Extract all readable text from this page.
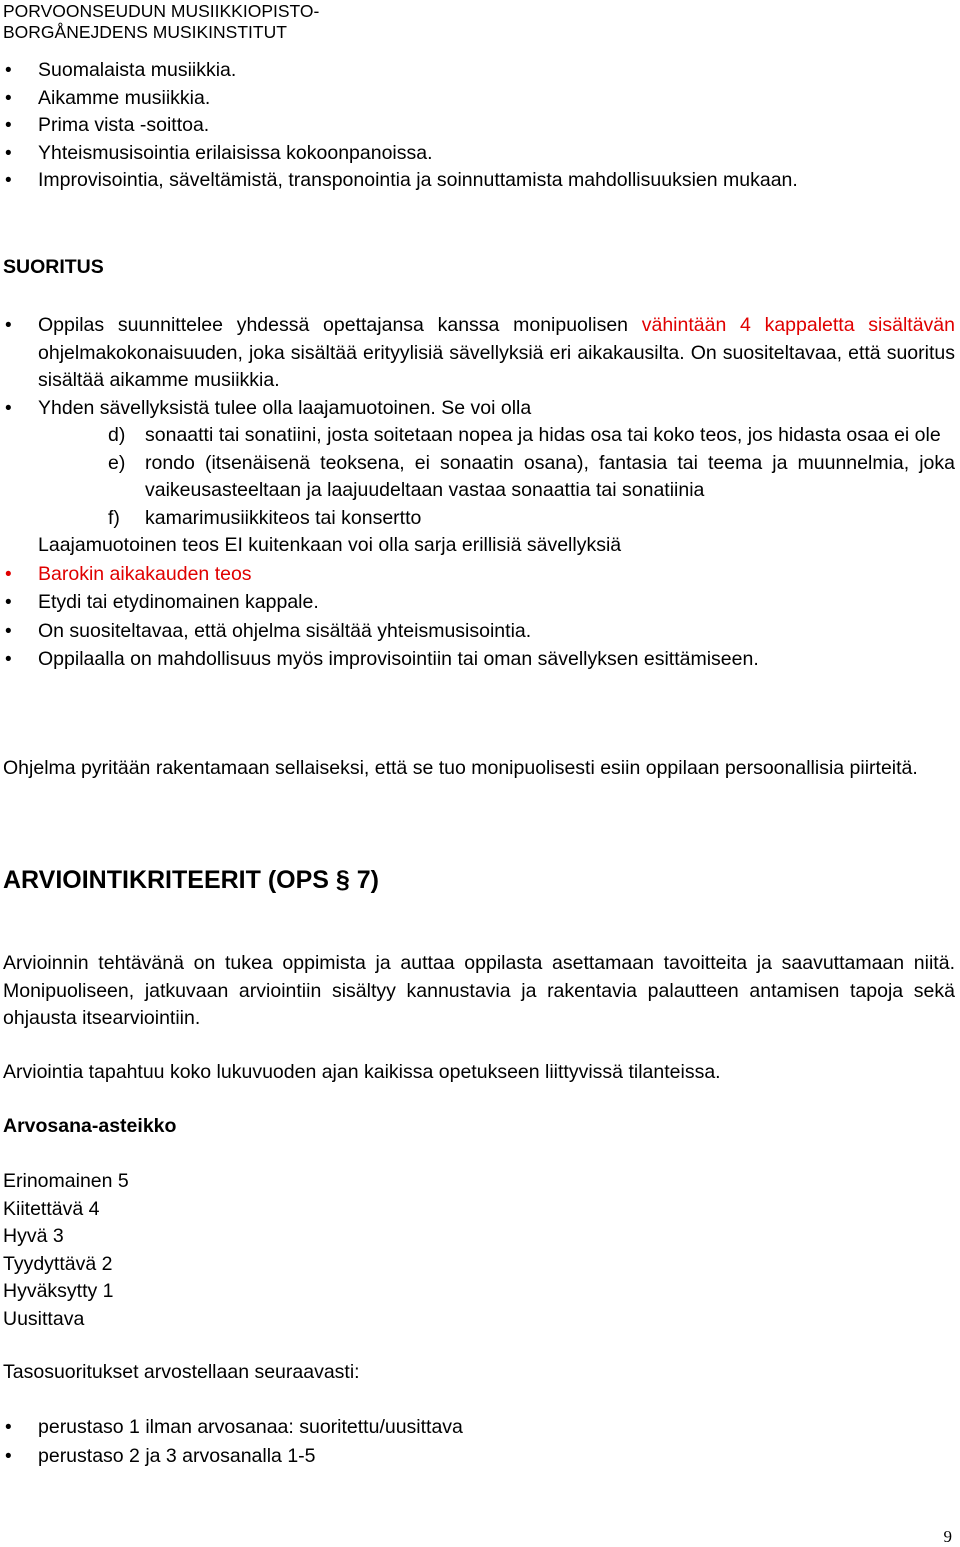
PORVOONSEUDUN MUSIIKKIOPISTO-
BORGÅNEJDENS MUSIKINSTITUT
• Suomalaista musiikkia.
• Aikamme musiikkia.
• Prima vista -soittoa.
• Yhteismusisointia erilaisissa kokoonpanoissa.
• Improvisointia, säveltämistä, transponointia ja soinnuttamista mahdollisuuksien mukaan.
SUORITUS
• Oppilas suunnittelee yhdessä opettajansa kanssa monipuolisen vähintään 4 kappaletta sisältävän ohjelmakokonaisuuden, joka sisältää erityylisiä sävellyksiä eri aikakausilta. On suositeltavaa, että suoritus sisältää aikamme musiikkia.
• Yhden sävellyksistä tulee olla laajamuotoinen. Se voi olla
d) sonaatti tai sonatiini, josta soitetaan nopea ja hidas osa tai koko teos, jos hidasta osaa ei ole
e) rondo (itsenäisenä teoksena, ei sonaatin osana), fantasia tai teema ja muunnelmia, joka vaikeusasteeltaan ja laajuudeltaan vastaa sonaattia tai sonatiinia
f) kamarimusiikkiteos tai konsertto
Laajamuotoinen teos EI kuitenkaan voi olla sarja erillisiä sävellyksiä
• Barokin aikakauden teos
• Etydi tai etydinomainen kappale.
• On suositeltavaa, että ohjelma sisältää yhteismusisointia.
• Oppilaalla on mahdollisuus myös improvisointiin tai oman sävellyksen esittämiseen.
Ohjelma pyritään rakentamaan sellaiseksi, että se tuo monipuolisesti esiin oppilaan persoonallisia piirteitä.
ARVIOINTIKRITEERIT (OPS § 7)
Arvioinnin tehtävänä on tukea oppimista ja auttaa oppilasta asettamaan tavoitteita ja saavuttamaan niitä. Monipuoliseen, jatkuvaan arviointiin sisältyy kannustavia ja rakentavia palautteen antamisen tapoja sekä ohjausta itsearviointiin.
Arviointia tapahtuu koko lukuvuoden ajan kaikissa opetukseen liittyvissä tilanteissa.
Arvosana-asteikko
Erinomainen 5
Kiitettävä 4
Hyvä 3
Tyydyttävä 2
Hyväksytty 1
Uusittava
Tasosuoritukset arvostellaan seuraavasti:
• perustaso 1 ilman arvosanaa: suoritettu/uusittava
• perustaso 2 ja 3 arvosanalla 1-5
9
